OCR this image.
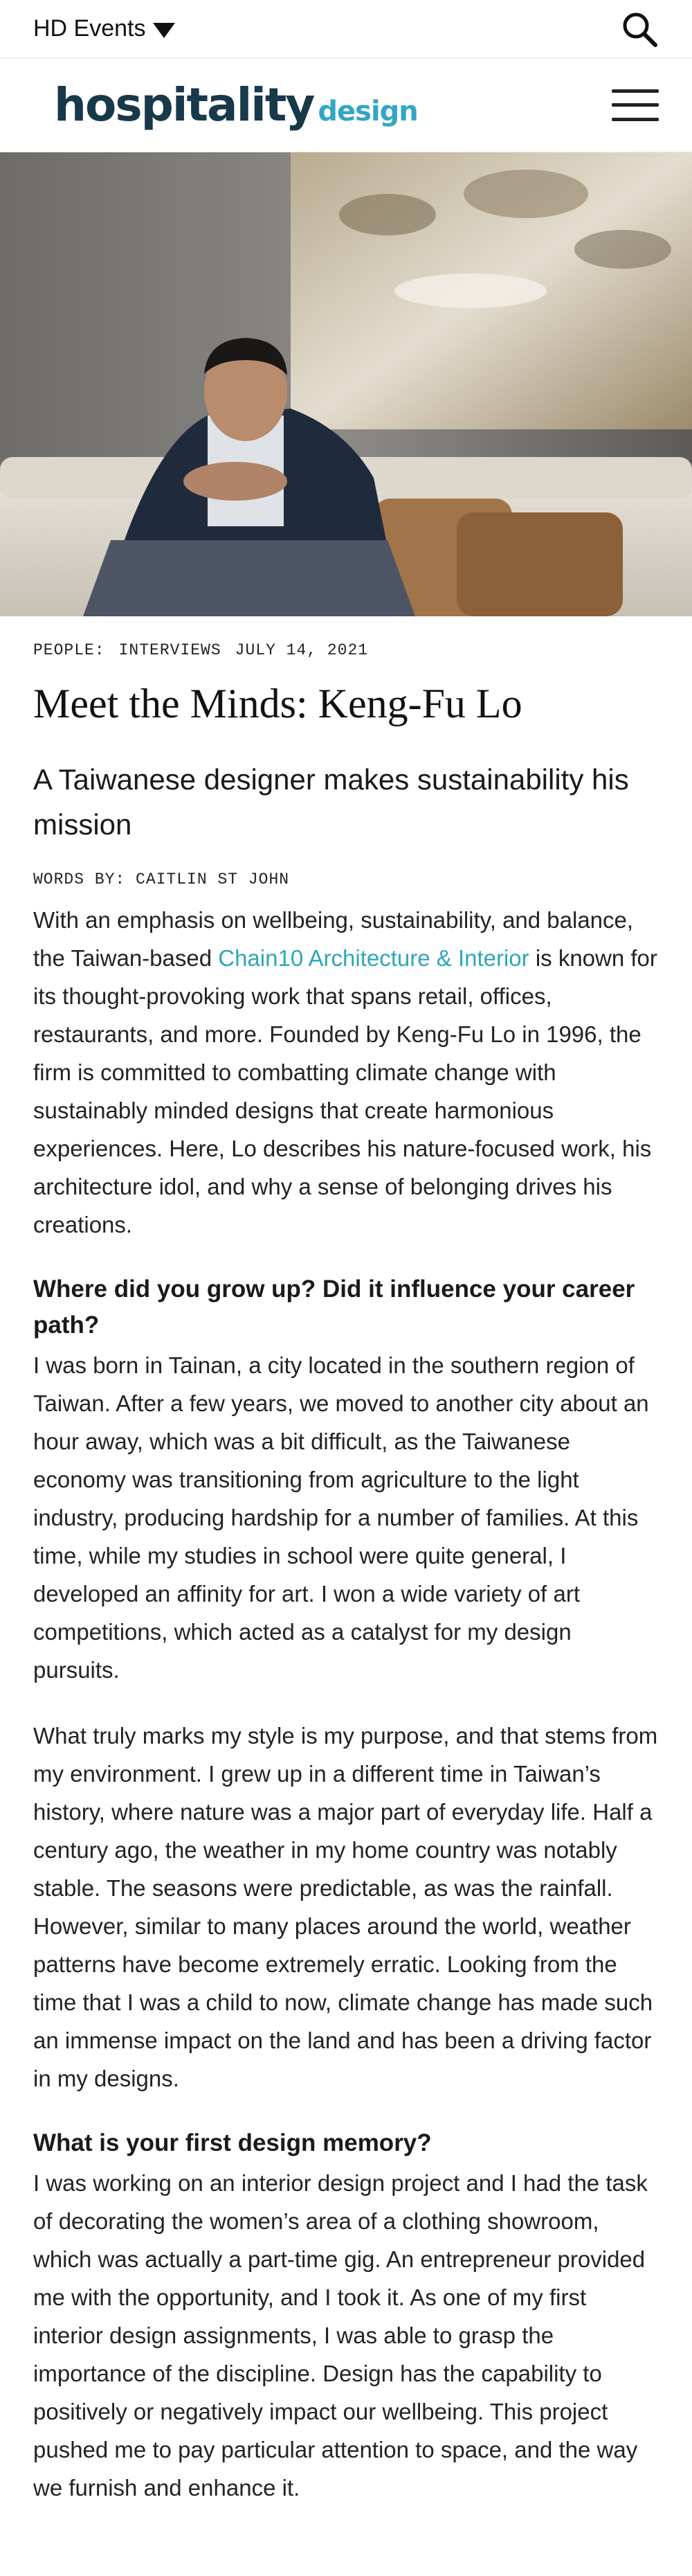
HD Events
hospitality design
PEOPLE: INTERVIEWS JULY 14, 2021
Meet the Minds: Keng-Fu Lo

A Taiwanese designer makes sustainability his mission

WORDS BY: CAITLIN ST JOHN

With an emphasis on wellbeing, sustainability, and balance, the Taiwan-based Chain10 Architecture & Interior is known for its thought-provoking work that spans retail, offices, restaurants, and more. Founded by Keng-Fu Lo in 1996, the firm is committed to combatting climate change with sustainably minded designs that create harmonious experiences. Here, Lo describes his nature-focused work, his architecture idol, and why a sense of belonging drives his creations.

Where did you grow up? Did it influence your career path?

I was born in Tainan, a city located in the southern region of Taiwan. After a few years, we moved to another city about an hour away, which was a bit difficult, as the Taiwanese economy was transitioning from agriculture to the light industry, producing hardship for a number of families. At this time, while my studies in school were quite general, I developed an affinity for art. I won a wide variety of art competitions, which acted as a catalyst for my design pursuits.

What truly marks my style is my purpose, and that stems from my environment. I grew up in a different time in Taiwan’s history, where nature was a major part of everyday life. Half a century ago, the weather in my home country was notably stable. The seasons were predictable, as was the rainfall. However, similar to many places around the world, weather patterns have become extremely erratic. Looking from the time that I was a child to now, climate change has made such an immense impact on the land and has been a driving factor in my designs.

What is your first design memory?

I was working on an interior design project and I had the task of decorating the women’s area of a clothing showroom, which was actually a part-time gig. An entrepreneur provided me with the opportunity, and I took it. As one of my first interior design assignments, I was able to grasp the importance of the discipline. Design has the capability to positively or negatively impact our wellbeing. This project pushed me to pay particular attention to space, and the way we furnish and enhance it.
